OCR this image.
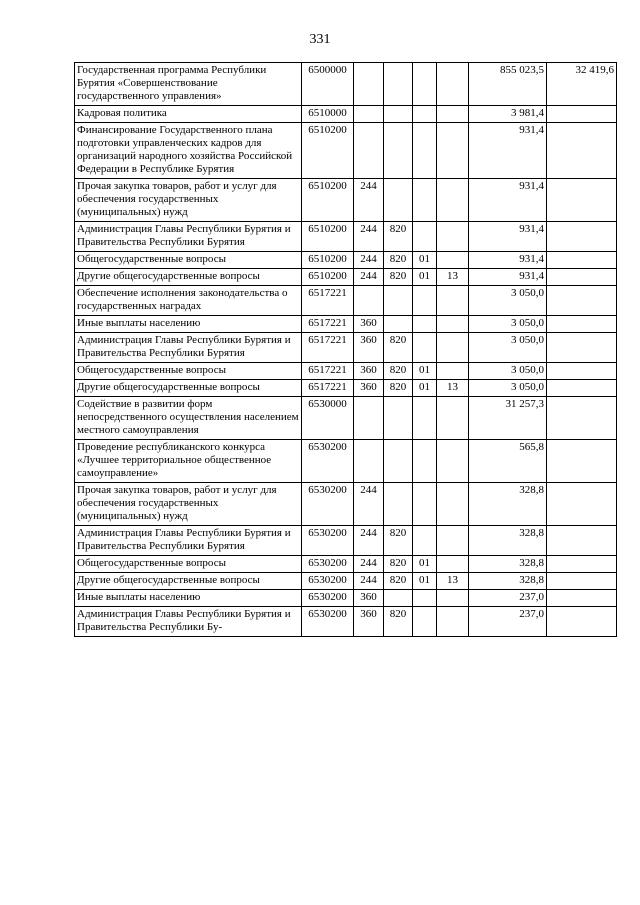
331
Государственная программа Республики Бурятия «Совершенствование государственного управления»	6500000					855 023,5	32 419,6
Кадровая политика	6510000					3 981,4	
Финансирование Государственного плана подготовки управленческих кадров для организаций народного хозяйства Российской Федерации в Республике Бурятия	6510200					931,4	
Прочая закупка товаров, работ и услуг для обеспечения государственных (муниципальных) нужд	6510200	244				931,4	
Администрация Главы Республики Бурятия и Правительства Республики Бурятия	6510200	244	820			931,4	
Общегосударственные вопросы	6510200	244	820	01		931,4	
Другие общегосударственные вопросы	6510200	244	820	01	13	931,4	
Обеспечение исполнения законодательства о государственных наградах	6517221					3 050,0	
Иные выплаты населению	6517221	360				3 050,0	
Администрация Главы Республики Бурятия и Правительства Республики Бурятия	6517221	360	820			3 050,0	
Общегосударственные вопросы	6517221	360	820	01		3 050,0	
Другие общегосударственные вопросы	6517221	360	820	01	13	3 050,0	
Содействие в развитии форм непосредственного осуществления населением местного самоуправления	6530000					31 257,3	
Проведение республиканского конкурса «Лучшее территориальное общественное самоуправление»	6530200					565,8	
Прочая закупка товаров, работ и услуг для обеспечения государственных (муниципальных) нужд	6530200	244				328,8	
Администрация Главы Республики Бурятия и Правительства Республики Бурятия	6530200	244	820			328,8	
Общегосударственные вопросы	6530200	244	820	01		328,8	
Другие общегосударственные вопросы	6530200	244	820	01	13	328,8	
Иные выплаты населению	6530200	360				237,0	
Администрация Главы Республики Бурятия и Правительства Республики Бу-	6530200	360	820			237,0	
